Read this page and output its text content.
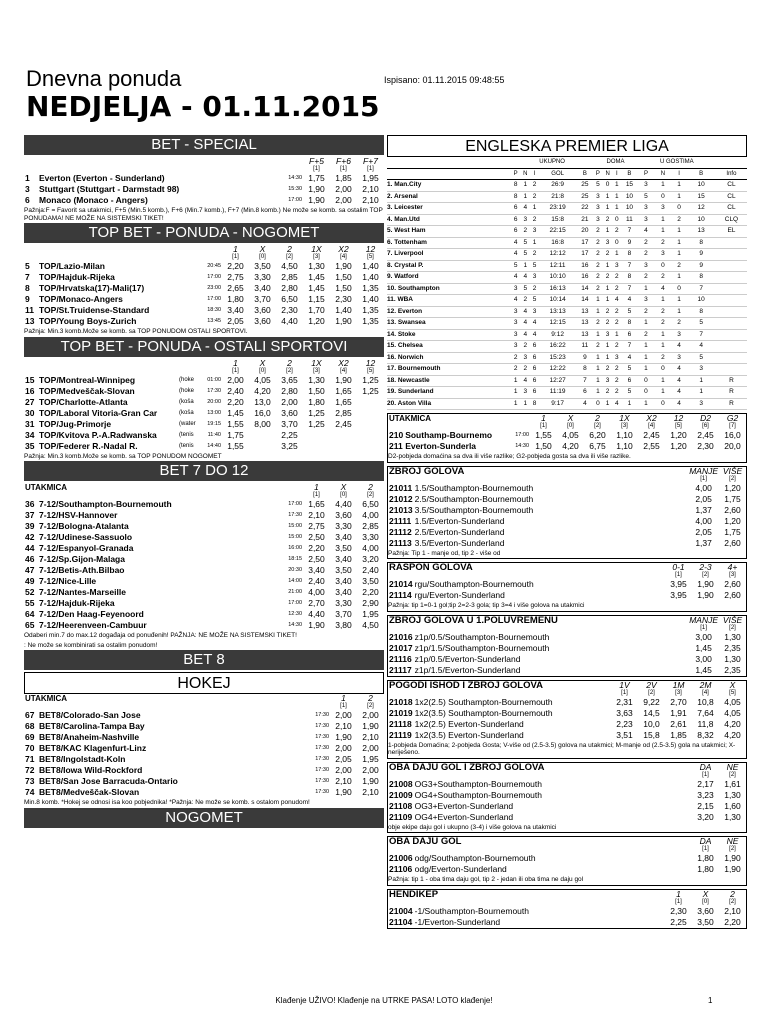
Dnevna ponuda
NEDJELJA - 01.11.2015
Ispisano: 01.11.2015 09:48:55
BET - SPECIAL
			F+5	F+6	F+7
			[1]	[1]	[1]
1	Everton (Everton - Sunderland)	14:30	1,75	1,85	1,95
3	Stuttgart (Stuttgart - Darmstadt 98)	15:30	1,90	2,00	2,10
6	Monaco (Monaco - Angers)	17:00	1,90	2,00	2,10
Pažnja:F = Favorit sa utakmici, F+5 (Min.5 komb.), F+6 (Min.7 komb.), F+7 (Min.8 komb.) Ne može se komb. sa ostalim TOP PONUDAMA! NE MOŽE NA SISTEMSKI TIKET!
TOP BET - PONUDA - NOGOMET
			1	X	2	1X	X2	12
			[1]	[0]	[2]	[3]	[4]	[5]
5	TOP/Lazio-Milan	20:45	2,20	3,50	4,50	1,30	1,90	1,40
7	TOP/Hajduk-Rijeka	17:00	2,75	3,30	2,85	1,45	1,50	1,40
8	TOP/Hrvatska(17)-Mali(17)	23:00	2,65	3,40	2,80	1,45	1,50	1,35
9	TOP/Monaco-Angers	17:00	1,80	3,70	6,50	1,15	2,30	1,40
11	TOP/St.Truidense-Standard	18:30	3,40	3,60	2,30	1,70	1,40	1,35
13	TOP/Young Boys-Zurich	13:45	2,05	3,60	4,40	1,20	1,90	1,35
Pažnja: Min.3 komb.Može se komb. sa TOP PONUDOM OSTALI SPORTOVI.
TOP BET - PONUDA - OSTALI SPORTOVI
				1	X	2	1X	X2	12
				[1]	[0]	[2]	[3]	[4]	[5]
15	TOP/Montreal-Winnipeg	(hoke	01:00	2,00	4,05	3,65	1,30	1,90	1,25
16	TOP/Medveščak-Slovan	(hoke	17:30	2,40	4,20	2,80	1,50	1,65	1,25
27	TOP/Charlotte-Atlanta	(koša	20:00	2,20	13,0	2,00	1,80	1,65	
30	TOP/Laboral Vitoria-Gran Car	(koša	13:00	1,45	16,0	3,60	1,25	2,85	
31	TOP/Jug-Primorje	(water	19:15	1,55	8,00	3,70	1,25	2,45	
34	TOP/Kvitova P.-A.Radwanska	(tenis	11:40	1,75		2,25			
35	TOP/Federer R.-Nadal R.	(tenis	14:40	1,55		3,25			
Pažnja: Min.3 komb.Može se komb. sa TOP PONUDOM NOGOMET
BET 7 DO 12
UTAKMICA			1	X	2
			[1]	[0]	[2]
36	7-12/Southampton-Bournemouth	17:00	1,65	4,40	6,50
37	7-12/HSV-Hannover	17:30	2,10	3,60	4,00
39	7-12/Bologna-Atalanta	15:00	2,75	3,30	2,85
42	7-12/Udinese-Sassuolo	15:00	2,50	3,40	3,30
44	7-12/Espanyol-Granada	16:00	2,20	3,50	4,00
46	7-12/Sp.Gijon-Malaga	18:15	2,50	3,40	3,20
47	7-12/Betis-Ath.Bilbao	20:30	3,40	3,50	2,40
49	7-12/Nice-Lille	14:00	2,40	3,40	3,50
52	7-12/Nantes-Marseille	21:00	4,00	3,40	2,20
55	7-12/Hajduk-Rijeka	17:00	2,70	3,30	2,90
64	7-12/Den Haag-Feyenoord	12:30	4,40	3,70	1,95
65	7-12/Heerenveen-Cambuur	14:30	1,90	3,80	4,50
Odaberi min.7 do max.12 događaja od ponuđenih! PAŽNJA: NE MOŽE NA SISTEMSKI TIKET!
: Ne može se kombinirati sa ostalim ponudom!
BET 8
HOKEJ
UTAKMICA			1	2
			[1]	[2]
67	BET8/Colorado-San Jose	17:30	2,00	2,00
68	BET8/Carolina-Tampa Bay	17:30	2,10	1,90
69	BET8/Anaheim-Nashville	17:30	1,90	2,10
70	BET8/KAC Klagenfurt-Linz	17:30	2,00	2,00
71	BET8/Ingolstadt-Koln	17:30	2,05	1,95
72	BET8/Iowa Wild-Rockford	17:30	2,00	2,00
73	BET8/San Jose Barracuda-Ontario	17:30	2,10	1,90
74	BET8/Medveščak-Slovan	17:30	1,90	2,10
Min.8 komb. *Hokej se odnosi isa koo pobjednika! *Pažnja: Ne može se komb. s ostalom ponudom!
NOGOMET
ENGLESKA PREMIER LIGA
	UKUPNO					DOMA				U GOSTIMA				
	P	N	I	GOL	B	P	N	I	B	P	N	I	B	Info
1. Man.City	8	1	2	26:9	25	5	0	1	15	3	1	1	10	CL
2. Arsenal	8	1	2	21:8	25	3	1	1	10	5	0	1	15	CL
3. Leicester	6	4	1	23:19	22	3	1	1	10	3	3	0	12	CL
4. Man.Utd	6	3	2	15:8	21	3	2	0	11	3	1	2	10	CLQ
5. West Ham	6	2	3	22:15	20	2	1	2	7	4	1	1	13	EL
6. Tottenham	4	5	1	16:8	17	2	3	0	9	2	2	1	8	
7. Liverpool	4	5	2	12:12	17	2	2	1	8	2	3	1	9	
8. Crystal P.	5	1	5	12:11	16	2	1	3	7	3	0	2	9	
9. Watford	4	4	3	10:10	16	2	2	2	8	2	2	1	8	
10. Southampton	3	5	2	16:13	14	2	1	2	7	1	4	0	7	
11. WBA	4	2	5	10:14	14	1	1	4	4	3	1	1	10	
12. Everton	3	4	3	13:13	13	1	2	2	5	2	2	1	8	
13. Swansea	3	4	4	12:15	13	2	2	2	8	1	2	2	5	
14. Stoke	3	4	4	9:12	13	1	3	1	6	2	1	3	7	
15. Chelsea	3	2	6	16:22	11	2	1	2	7	1	1	4	4	
16. Norwich	2	3	6	15:23	9	1	1	3	4	1	2	3	5	
17. Bournemouth	2	2	6	12:22	8	1	2	2	5	1	0	4	3	
18. Newcastle	1	4	6	12:27	7	1	3	2	6	0	1	4	1	R
19. Sunderland	1	3	6	11:19	6	1	2	2	5	0	1	4	1	R
20. Aston Villa	1	1	8	9:17	4	0	1	4	1	1	0	4	3	R
UTAKMICA			1	X	2	1X	X2	12	D2	G2
			[1]	[0]	[2]	[3]	[4]	[5]	[6]	[7]
210	Southamp-Bournemo	17:00	1,55	4,05	6,20	1,10	2,45	1,20	2,45	16,0
211	Everton-Sunderla	14:30	1,50	4,20	6,75	1,10	2,55	1,20	2,30	20,0
D2-pobjeda domaćina sa dva ili više razlike; G2-pobjeda gosta sa dva ili više razlike.
ZBROJ GOLOVA		MANJE	VIŠE
		[1]	[2]
21011	1.5/Southampton-Bournemouth	4,00	1,20
21012	2.5/Southampton-Bournemouth	2,05	1,75
21013	3.5/Southampton-Bournemouth	1,37	2,60
21111	1.5/Everton-Sunderland	4,00	1,20
21112	2.5/Everton-Sunderland	2,05	1,75
21113	3.5/Everton-Sunderland	1,37	2,60
Pažnja: Tip 1 - manje od, tip 2 - više od
RASPON GOLOVA		0-1	2-3	4+
		[1]	[2]	[3]
21014	rgu/Southampton-Bournemouth	3,95	1,90	2,60
21114	rgu/Everton-Sunderland	3,95	1,90	2,60
Pažnja: tip 1=0-1 gol;tip 2=2-3 gola; tip 3=4 i više golova na utakmici
ZBROJ GOLOVA U 1.POLUVREMENU		MANJE	VIŠE
		[1]	[2]
21016	z1p/0.5/Southampton-Bournemouth	3,00	1,30
21017	z1p/1.5/Southampton-Bournemouth	1,45	2,35
21116	z1p/0.5/Everton-Sunderland	3,00	1,30
21117	z1p/1.5/Everton-Sunderland	1,45	2,35
POGODI ISHOD I ZBROJ GOLOVA		1V	2V	1M	2M	X
		[1]	[2]	[3]	[4]	[5]
21018	1x2(2.5) Southampton-Bournemouth	2,31	9,22	2,70	10,8	4,05
21019	1x2(3.5) Southampton-Bournemouth	3,63	14,5	1,91	7,64	4,05
21118	1x2(2.5) Everton-Sunderland	2,23	10,0	2,61	11,8	4,20
21119	1x2(3.5) Everton-Sunderland	3,51	15,8	1,85	8,32	4,20
1-pobjeda Domaćina; 2-pobjeda Gosta; V-više od (2.5-3.5) golova na utakmici; M-manje od (2.5-3.5) gola na utakmici; X-neriješeno.
OBA DAJU GOL I ZBROJ GOLOVA		DA	NE
		[1]	[2]
21008	OG3+Southampton-Bournemouth	2,17	1,61
21009	OG4+Southampton-Bournemouth	3,23	1,30
21108	OG3+Everton-Sunderland	2,15	1,60
21109	OG4+Everton-Sunderland	3,20	1,30
obje ekipe daju gol i ukupno (3-4) i više golova na utakmici
OBA DAJU GOL		DA	NE
		[1]	[2]
21006	odg/Southampton-Bournemouth	1,80	1,90
21106	odg/Everton-Sunderland	1,80	1,90
Pažnja: tip 1 - oba tima daju gol, tip 2 - jedan ili oba tima ne daju gol
HENDIKEP		1	X	2
		[1]	[0]	[2]
21004	-1/Southampton-Bournemouth	2,30	3,60	2,10
21104	-1/Everton-Sunderland	2,25	3,50	2,20
Klađenje UŽIVO! Klađenje na UTRKE PASA! LOTO klađenje!	1
